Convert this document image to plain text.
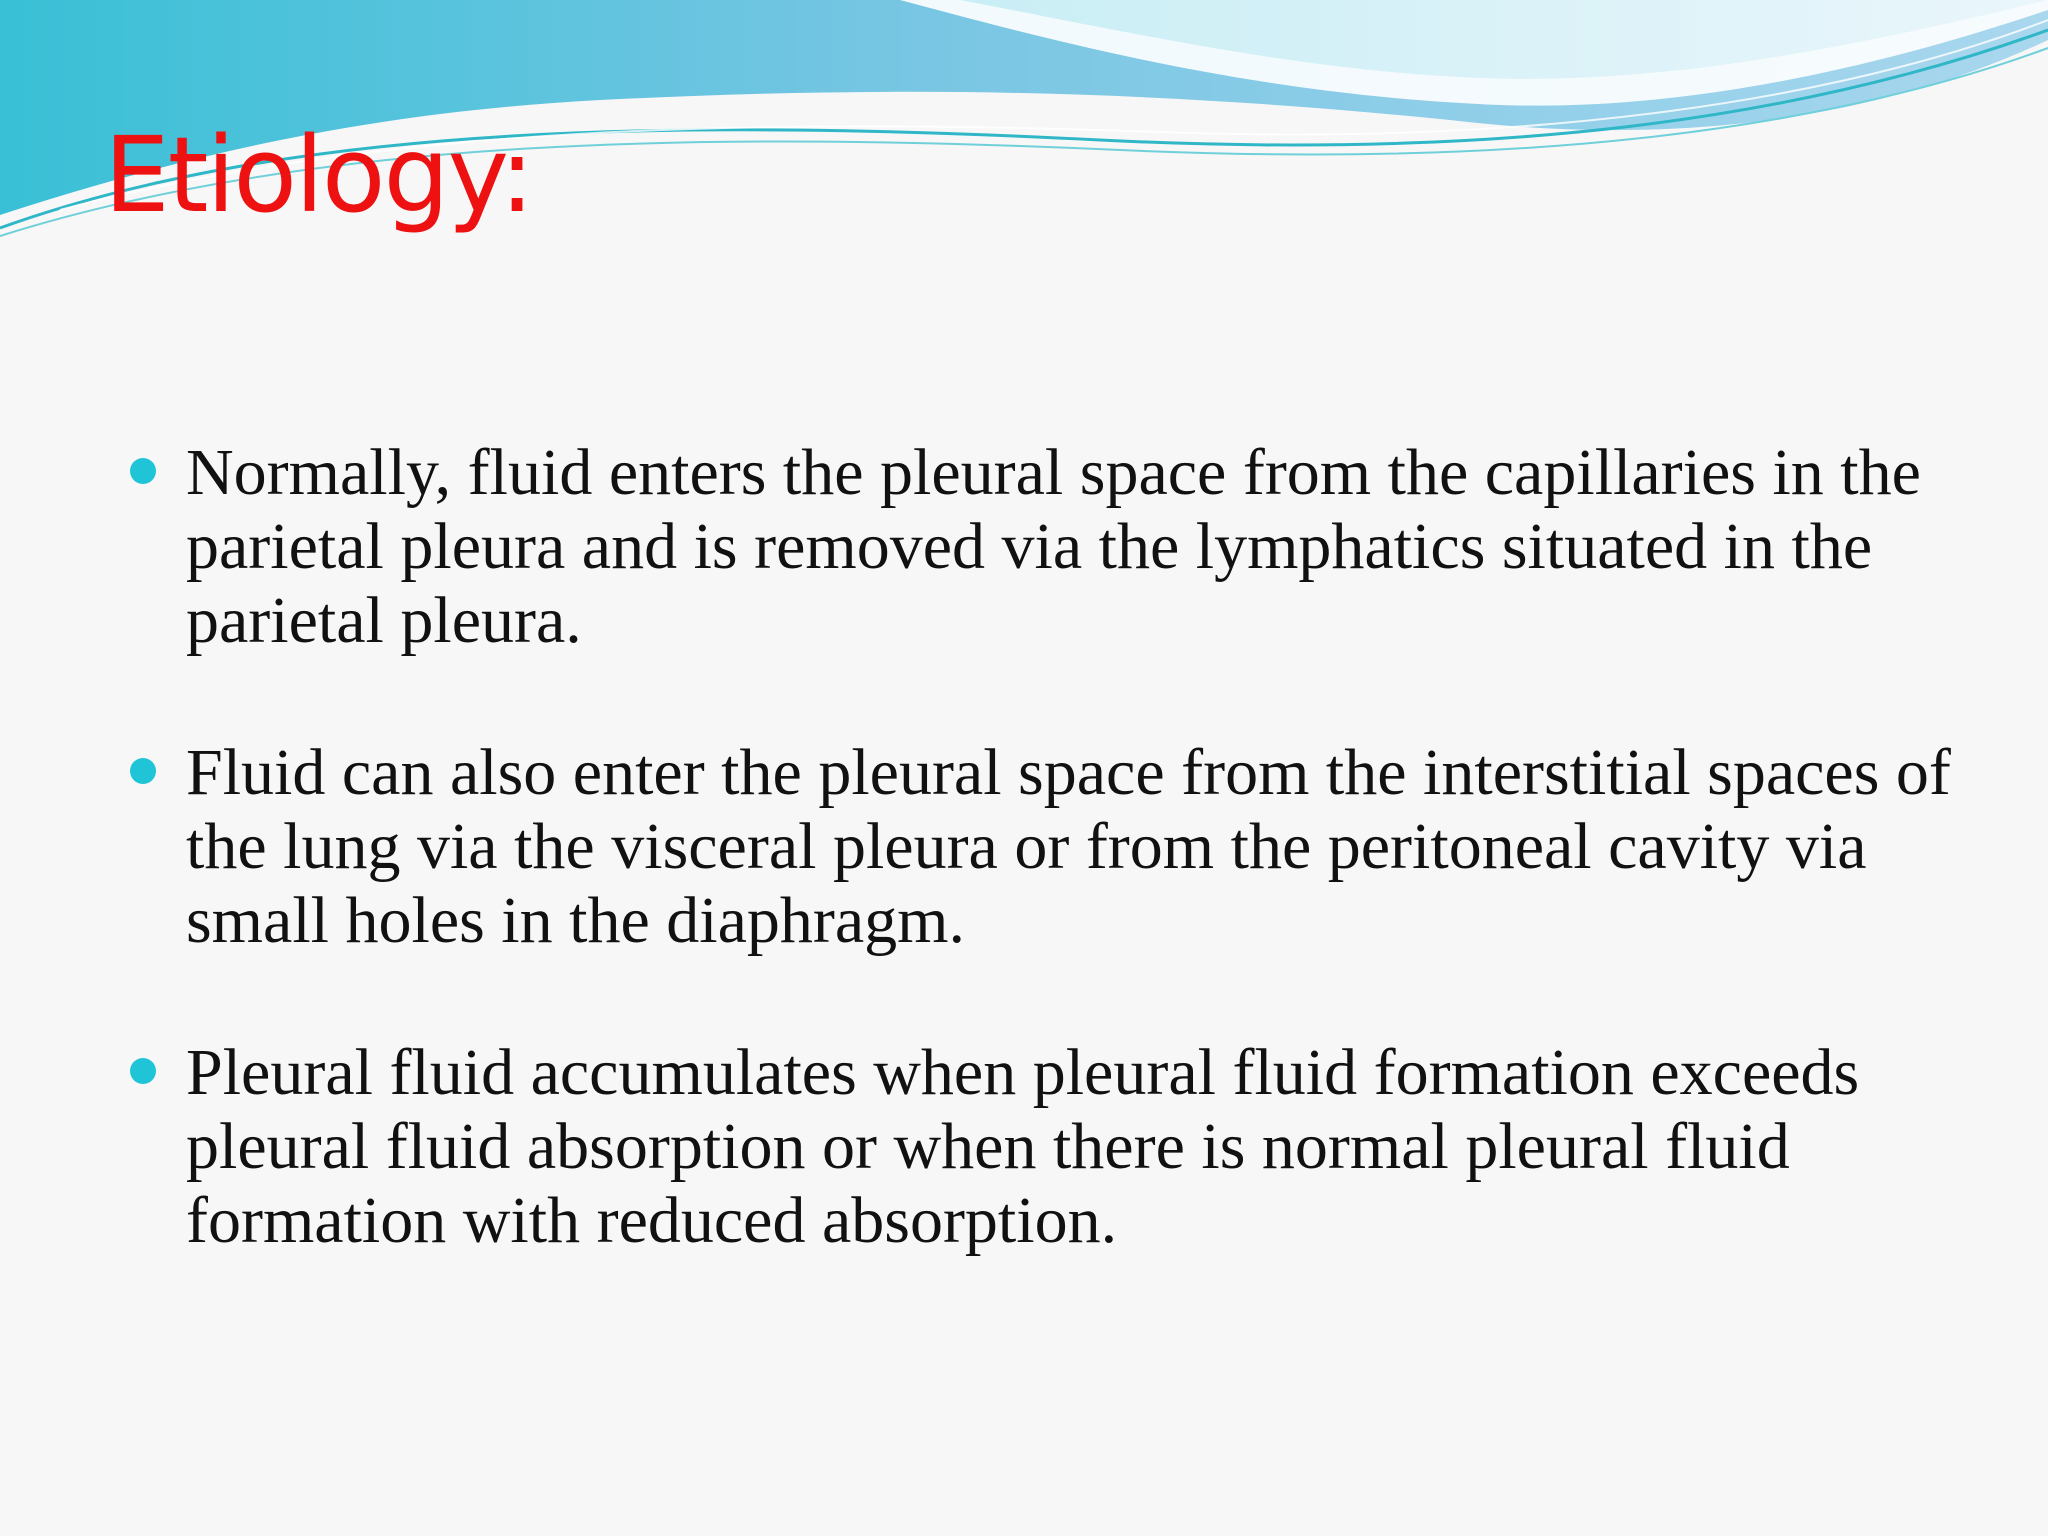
Etiology:
Normally, fluid enters the pleural space from the capillaries in the parietal pleura and is removed via the lymphatics situated in the parietal pleura.
Fluid can also enter the pleural space from the interstitial spaces of the lung via the visceral pleura or from the peritoneal cavity via small holes in the diaphragm.
Pleural fluid accumulates when pleural fluid formation exceeds pleural fluid absorption or when there is normal pleural fluid formation with reduced absorption.
